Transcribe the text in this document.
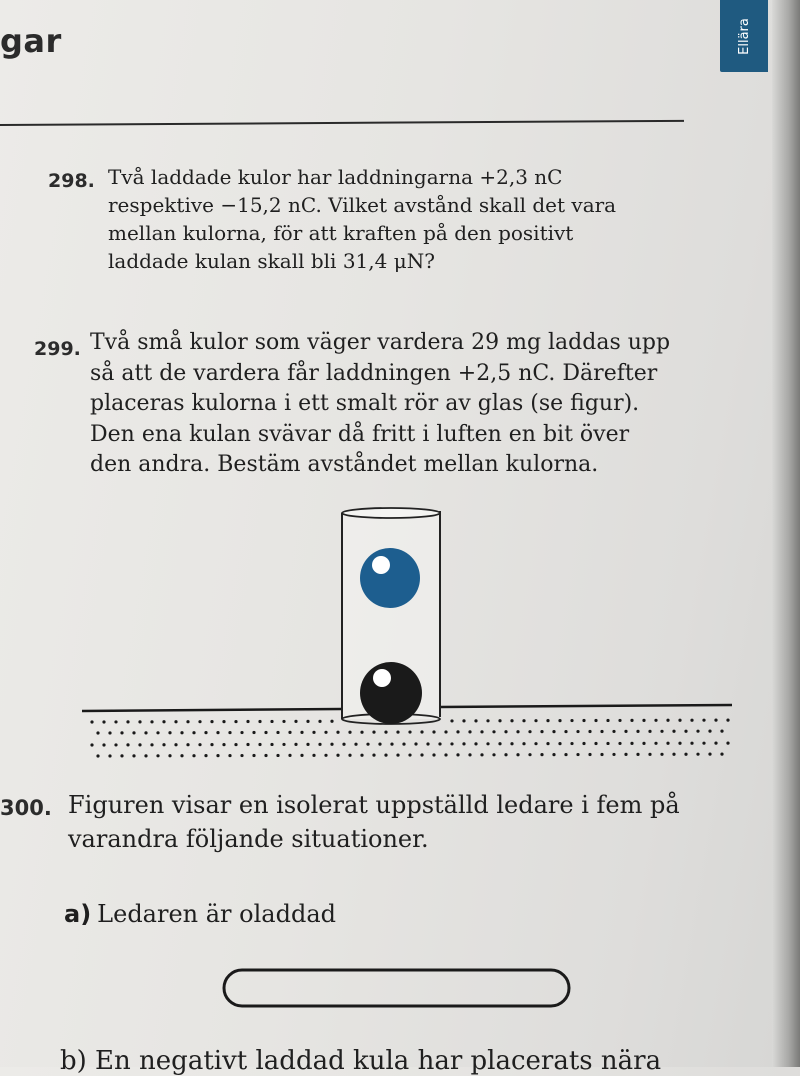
gar	Ellära
298. Två laddade kulor har laddningarna +2,3 nC
respektive −15,2 nC. Vilket avstånd skall det vara
mellan kulorna, för att kraften på den positivt
laddade kulan skall bli 31,4 μN?
299. Två små kulor som väger vardera 29 mg laddas upp
så att de vardera får laddningen +2,5 nC. Därefter
placeras kulorna i ett smalt rör av glas (se figur).
Den ena kulan svävar då fritt i luften en bit över
den andra. Bestäm avståndet mellan kulorna.
300. Figuren visar en isolerat uppställd ledare i fem på
varandra följande situationer.
a) Ledaren är oladdad
b) En negativt laddad kula har placerats nära
